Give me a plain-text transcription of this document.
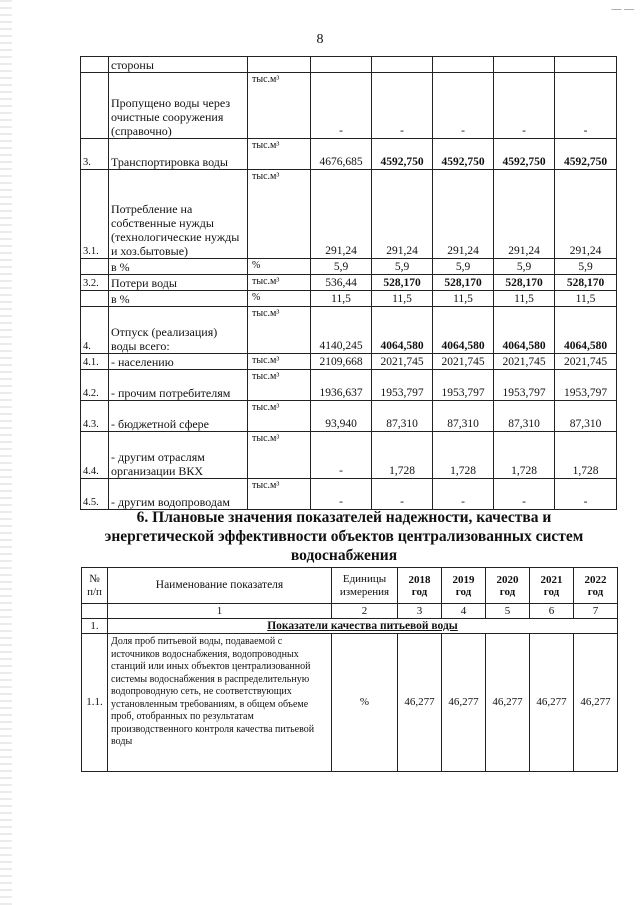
— —
8
	стороны						
	Пропущено воды через очистные сооружения (справочно)	тыс.м³	-	-	-	-	-
3.	Транспортировка воды	тыс.м³	4676,685	4592,750	4592,750	4592,750	4592,750
3.1.	Потребление на собственные нужды (технологические нужды и хоз.бытовые)	тыс.м³	291,24	291,24	291,24	291,24	291,24
	в %	%	5,9	5,9	5,9	5,9	5,9
3.2.	Потери воды	тыс.м³	536,44	528,170	528,170	528,170	528,170
	в %	%	11,5	11,5	11,5	11,5	11,5
4.	Отпуск (реализация) воды всего:	тыс.м³	4140,245	4064,580	4064,580	4064,580	4064,580
4.1.	- населению	тыс.м³	2109,668	2021,745	2021,745	2021,745	2021,745
4.2.	- прочим потребителям	тыс.м³	1936,637	1953,797	1953,797	1953,797	1953,797
4.3.	- бюджетной сфере	тыс.м³	93,940	87,310	87,310	87,310	87,310
4.4.	- другим отраслям организации ВКХ	тыс.м³	-	1,728	1,728	1,728	1,728
4.5.	- другим водопроводам	тыс.м³	-	-	-	-	-
6. Плановые значения показателей надежности, качества и энергетической эффективности объектов централизованных систем водоснабжения
№ п/п	Наименование показателя	Единицы измерения	2018 год	2019 год	2020 год	2021 год	2022 год
	1	2	3	4	5	6	7
1.	Показатели качества питьевой воды						
1.1.	Доля проб питьевой воды, подаваемой с источников водоснабжения, водопроводных станций или иных объектов централизованной системы водоснабжения в распределительную водопроводную сеть, не соответствующих установленным требованиям, в общем объеме проб, отобранных по результатам производственного контроля качества питьевой воды	%	46,277	46,277	46,277	46,277	46,277
